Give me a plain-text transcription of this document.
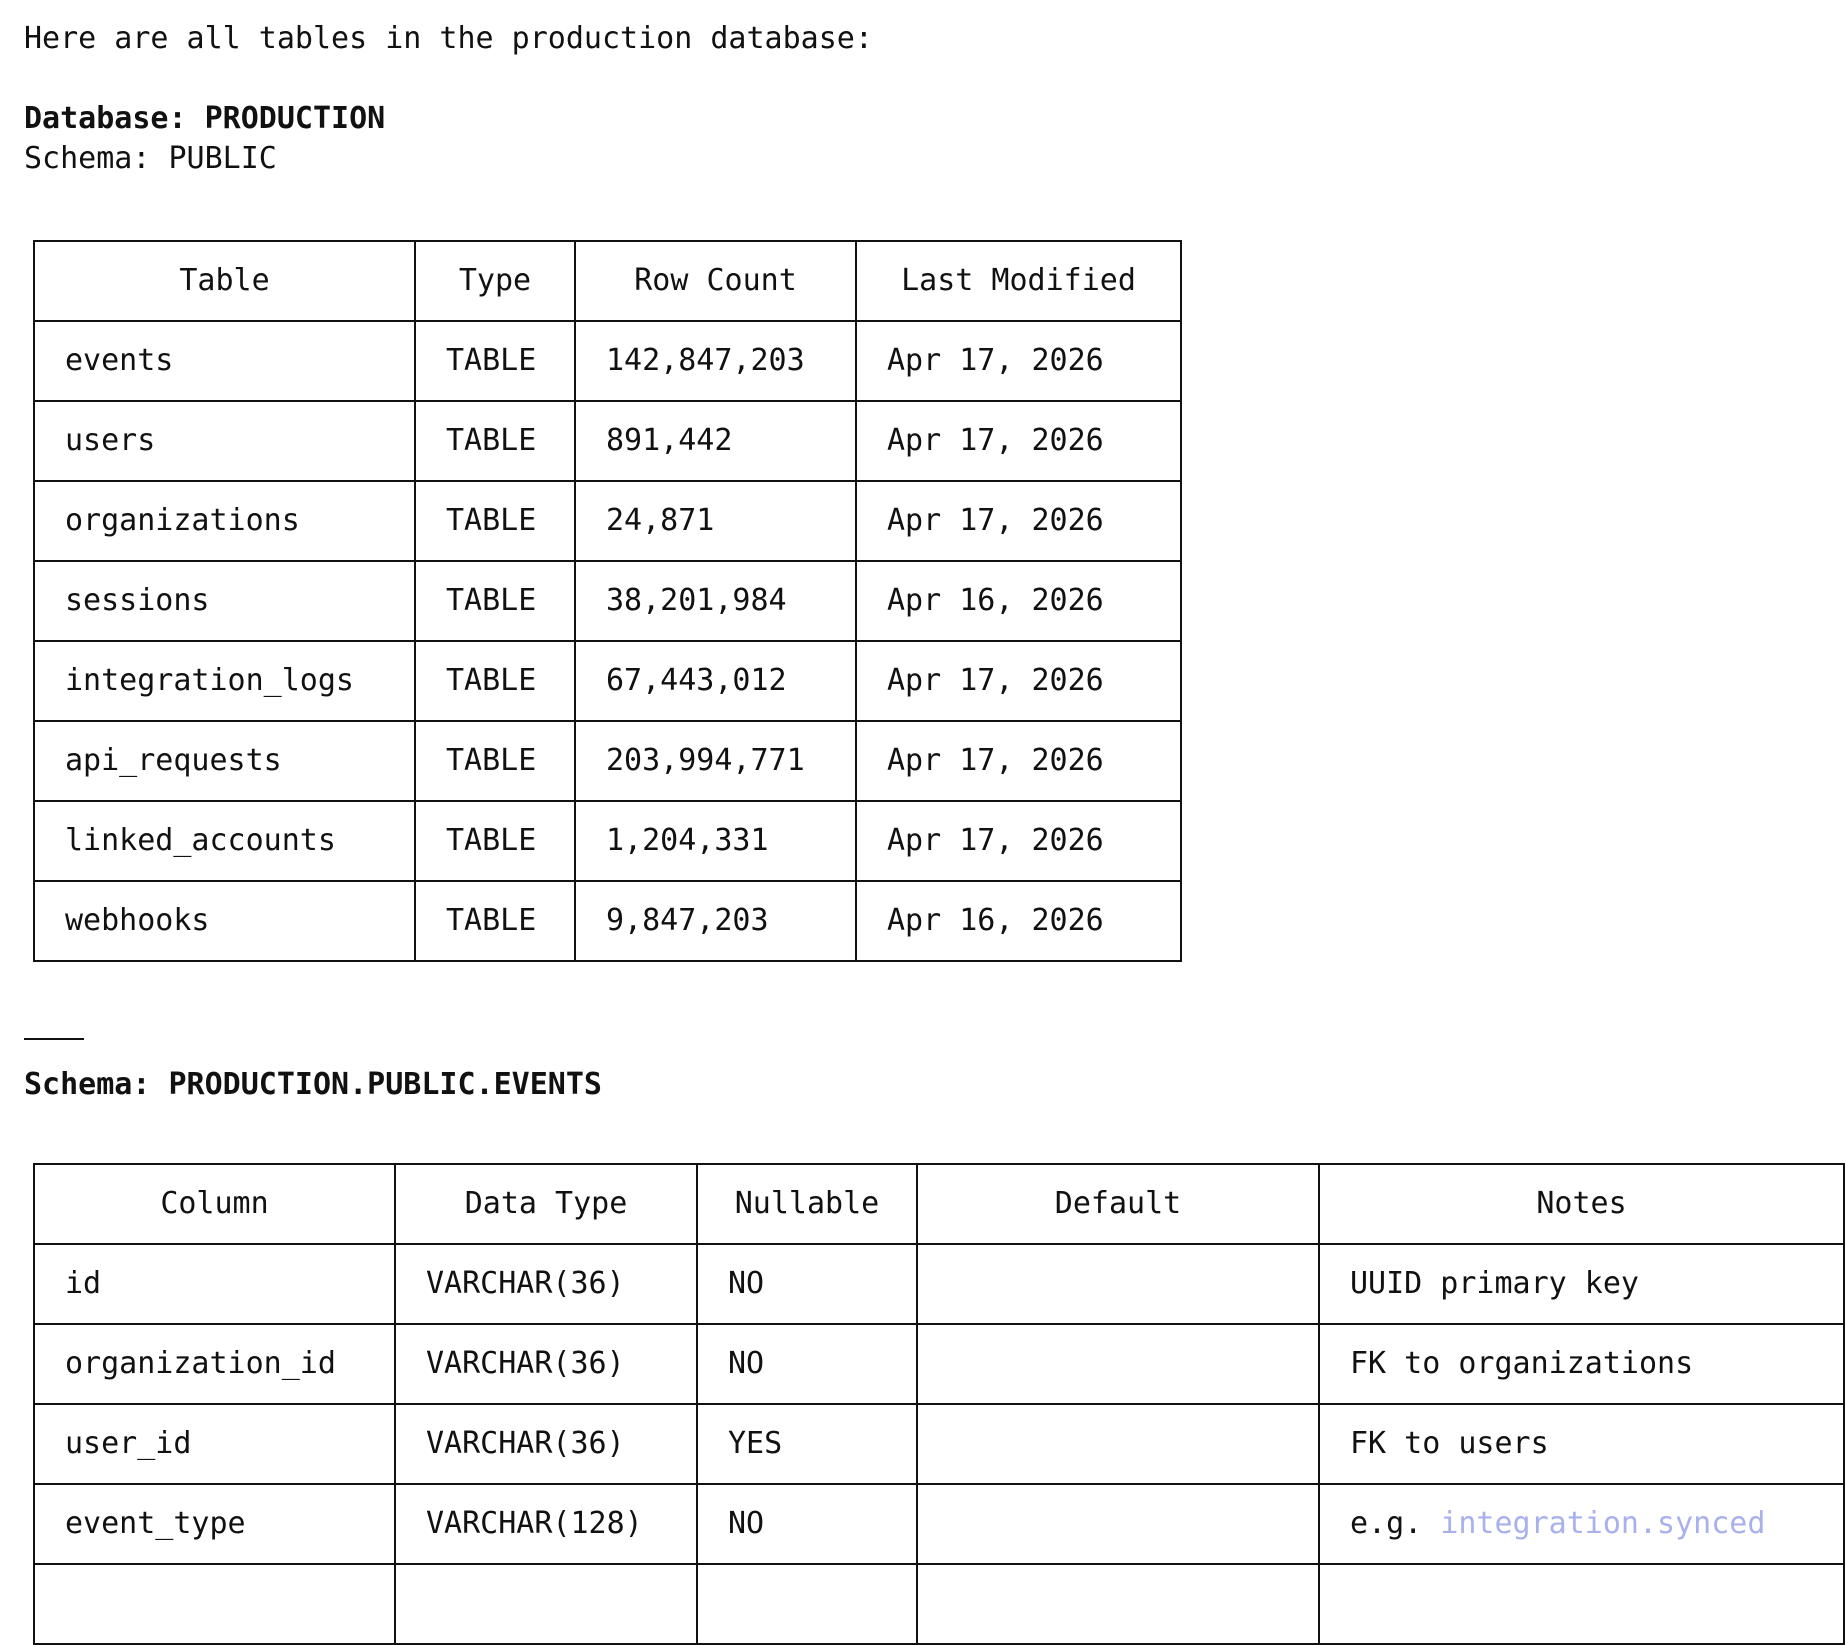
Here are all tables in the production database:
Database: PRODUCTION
Schema: PUBLIC
Table	Type	Row Count	Last Modified
events	TABLE	142,847,203	Apr 17, 2026
users	TABLE	891,442	Apr 17, 2026
organizations	TABLE	24,871	Apr 17, 2026
sessions	TABLE	38,201,984	Apr 16, 2026
integration_logs	TABLE	67,443,012	Apr 17, 2026
api_requests	TABLE	203,994,771	Apr 17, 2026
linked_accounts	TABLE	1,204,331	Apr 17, 2026
webhooks	TABLE	9,847,203	Apr 16, 2026
Schema: PRODUCTION.PUBLIC.EVENTS
Column	Data Type	Nullable	Default	Notes
id	VARCHAR(36)	NO		UUID primary key
organization_id	VARCHAR(36)	NO		FK to organizations
user_id	VARCHAR(36)	YES		FK to users
event_type	VARCHAR(128)	NO		e.g. integration.synced
